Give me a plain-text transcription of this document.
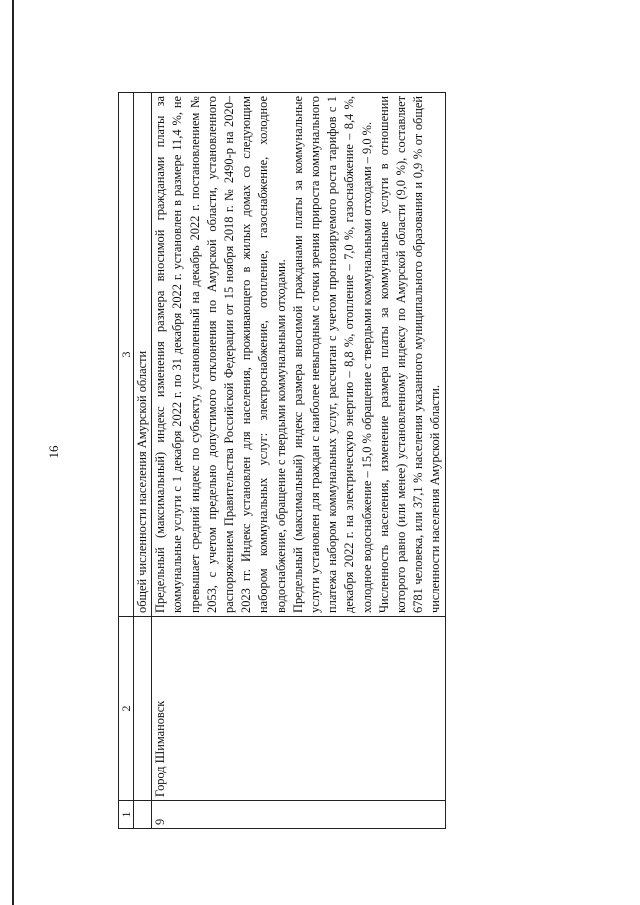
16
1	2	3
		общей численности населения Амурской области
9	Город Шимановск	Предельный (максимальный) индекс изменения размера вносимой гражданами платы за коммунальные услуги с 1 декабря 2022 г. по 31 декабря 2022 г. установлен в размере 11,4 %, не превышает средний индекс по субъекту, установленный на декабрь 2022 г. постановлением № 2053, с учетом предельно допустимого отклонения по Амурской области, установленного распоряжением Правительства Российской Федерации от 15 ноября 2018 г. № 2490-р на 2020–2023 гг. Индекс установлен для населения, проживающего в жилых домах со следующим набором коммунальных услуг: электроснабжение, отопление, газоснабжение, холодное водоснабжение, обращение с твердыми коммунальными отходами. Предельный (максимальный) индекс размера вносимой гражданами платы за коммунальные услуги установлен для граждан с наиболее невыгодным с точки зрения прироста коммунального платежа набором коммунальных услуг, рассчитан с учетом прогнозируемого роста тарифов с 1 декабря 2022 г. на электрическую энергию – 8,8 %, отопление – 7,0 %, газоснабжение – 8,4 %, холодное водоснабжение – 15,0 % обращение с твердыми коммунальными отходами – 9,0 %. Численность населения, изменение размера платы за коммунальные услуги в отношении которого равно (или менее) установленному индексу по Амурской области (9,0 %), составляет 6781 человека, или 37,1 % населения указанного муниципального образования и 0,9 % от общей численности населения Амурской области.
